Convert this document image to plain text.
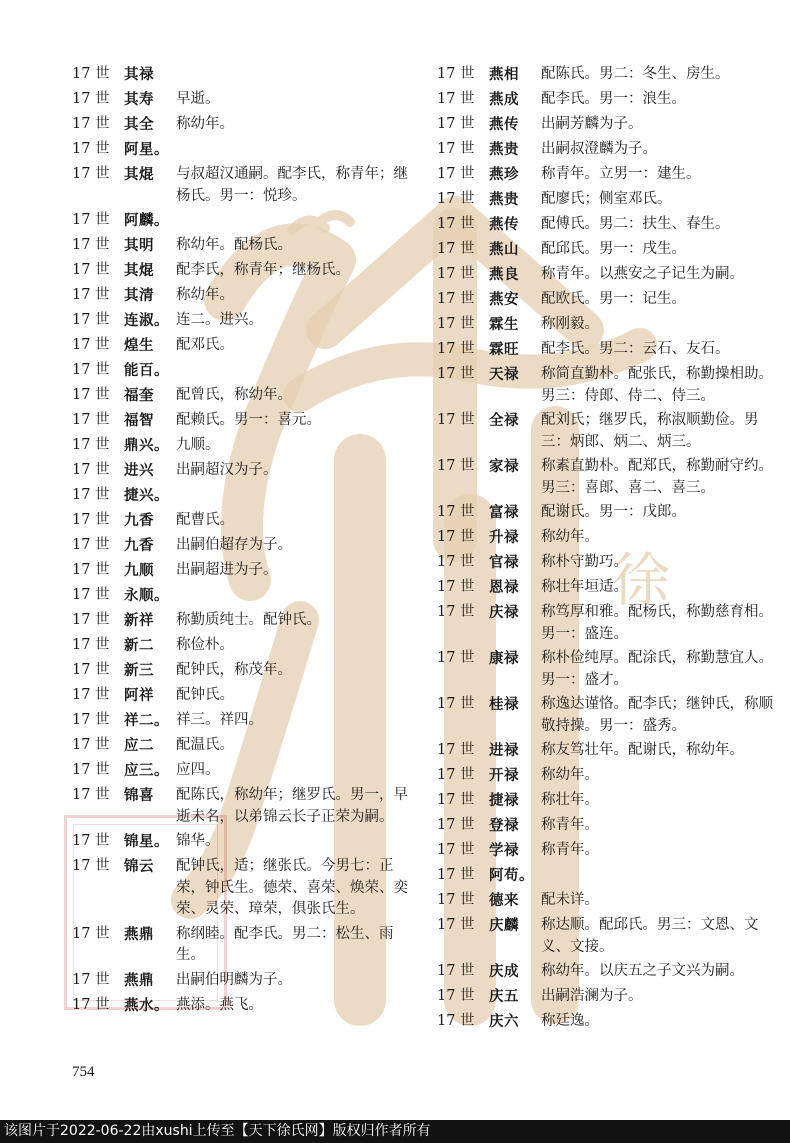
徐
17 世 其禄
17 世 其寿	早逝。
17 世 其全	称幼年。
17 世 阿星。
17 世 其焜	与叔超汉通嗣。配李氏，称青年；继杨氏。男一：悦珍。
17 世 阿麟。
17 世 其明	称幼年。配杨氏。
17 世 其焜	配李氏，称青年；继杨氏。
17 世 其清	称幼年。
17 世 连淑。 连二。进兴。
17 世 煌生	配邓氏。
17 世 能百。
17 世 福奎	配曾氏，称幼年。
17 世 福智	配赖氏。男一：喜元。
17 世 鼎兴。 九顺。
17 世 进兴	出嗣超汉为子。
17 世 捷兴。
17 世 九香	配曹氏。
17 世 九香	出嗣伯超存为子。
17 世 九顺	出嗣超进为子。
17 世 永顺。
17 世 新祥	称勤质纯士。配钟氏。
17 世 新二	称俭朴。
17 世 新三	配钟氏，称茂年。
17 世 阿祥	配钟氏。
17 世 祥二。 祥三。祥四。
17 世 应二	配温氏。
17 世 应三。 应四。
17 世 锦喜	配陈氏，称幼年；继罗氏。男一，早逝未名，以弟锦云长子正荣为嗣。
17 世 锦星。 锦华。
17 世 锦云	配钟氏，适；继张氏。今男七：正荣，钟氏生。德荣、喜荣、焕荣、奕荣、灵荣、璋荣，俱张氏生。
17 世 燕鼎	称纲睦。配李氏。男二：松生、雨生。
17 世 燕鼎	出嗣伯明麟为子。
17 世 燕水。 燕添。燕飞。
17 世 燕相	配陈氏。男二：冬生、房生。
17 世 燕成	配李氏。男一：浪生。
17 世 燕传	出嗣芳麟为子。
17 世 燕贵	出嗣叔澄麟为子。
17 世 燕珍	称青年。立男一：建生。
17 世 燕贵	配廖氏；侧室邓氏。
17 世 燕传	配傅氏。男二：扶生、春生。
17 世 燕山	配邱氏。男一：戌生。
17 世 燕良	称青年。以燕安之子记生为嗣。
17 世 燕安	配欧氏。男一：记生。
17 世 霖生	称刚毅。
17 世 霖旺	配李氏。男二：云石、友石。
17 世 天禄	称简直勤朴。配张氏，称勤操相助。男三：侍郎、侍二、侍三。
17 世 全禄	配刘氏；继罗氏，称淑顺勤俭。男三：炳郎、炳二、炳三。
17 世 家禄	称素直勤朴。配郑氏，称勤耐守约。男三：喜郎、喜二、喜三。
17 世 富禄	配谢氏。男一：戊郎。
17 世 升禄	称幼年。
17 世 官禄	称朴守勤巧。
17 世 恩禄	称壮年垣适。
17 世 庆禄	称笃厚和雅。配杨氏，称勤慈育相。男一：盛连。
17 世 康禄	称朴俭纯厚。配涂氏，称勤慧宜人。男一：盛才。
17 世 桂禄	称逸达谨恪。配李氏；继钟氏，称顺敬持操。男一：盛秀。
17 世 进禄	称友笃壮年。配谢氏，称幼年。
17 世 开禄	称幼年。
17 世 捷禄	称壮年。
17 世 登禄	称青年。
17 世 学禄	称青年。
17 世 阿苟。
17 世 德来	配未详。
17 世 庆麟	称达顺。配邱氏。男三：文恩、文义、文接。
17 世 庆成	称幼年。以庆五之子文兴为嗣。
17 世 庆五	出嗣浩澜为子。
17 世 庆六	称廷逸。
754
该图片于2022-06-22由xushi上传至【天下徐氏网】版权归作者所有
